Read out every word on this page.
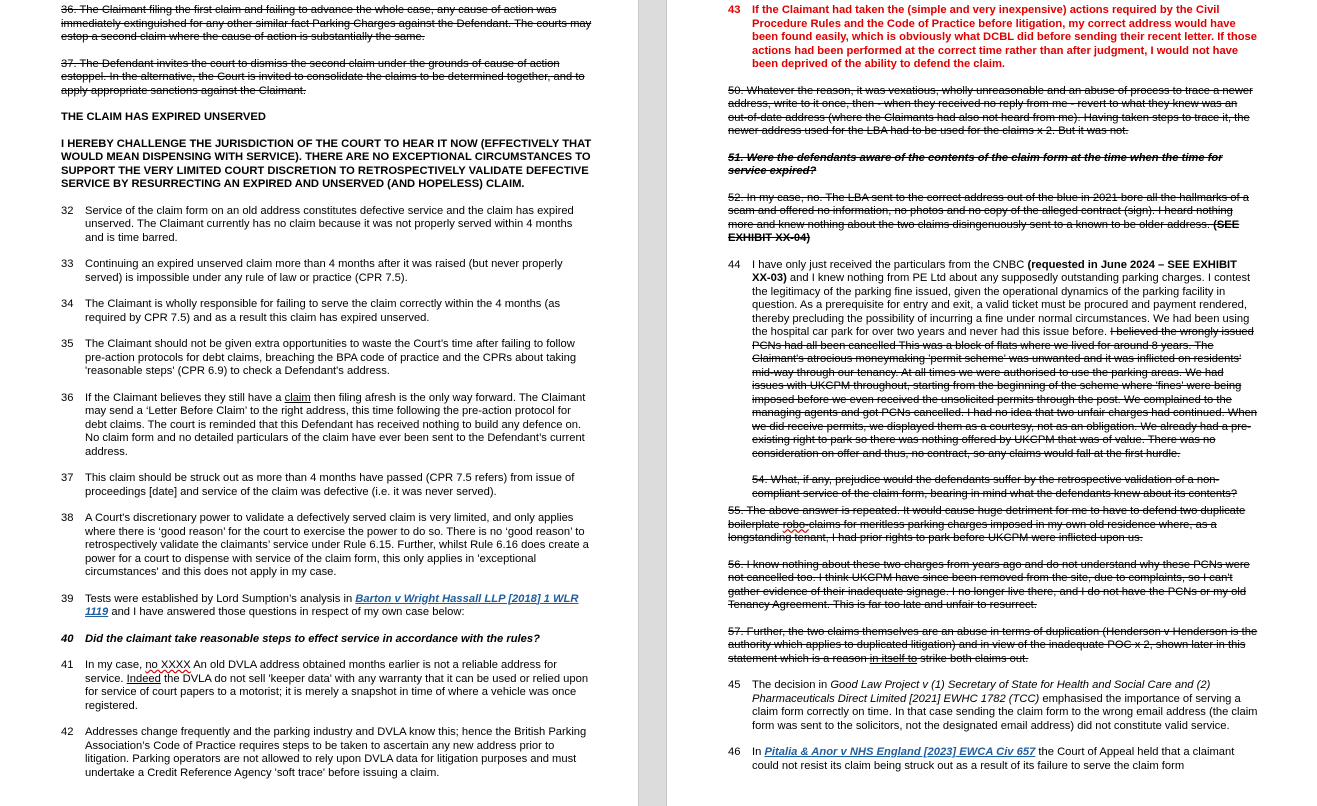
36. The Claimant filing the first claim and failing to advance the whole case, any cause of action was immediately extinguished for any other similar fact Parking Charges against the Defendant. The courts may estop a second claim where the cause of action is substantially the same.

37. The Defendant invites the court to dismiss the second claim under the grounds of cause of action estoppel. In the alternative, the Court is invited to consolidate the claims to be determined together, and to apply appropriate sanctions against the Claimant.

THE CLAIM HAS EXPIRED UNSERVED

I HEREBY CHALLENGE THE JURISDICTION OF THE COURT TO HEAR IT NOW (EFFECTIVELY THAT WOULD MEAN DISPENSING WITH SERVICE). THERE ARE NO EXCEPTIONAL CIRCUMSTANCES TO SUPPORT THE VERY LIMITED COURT DISCRETION TO RETROSPECTIVELY VALIDATE DEFECTIVE SERVICE BY RESURRECTING AN EXPIRED AND UNSERVED (AND HOPELESS) CLAIM.

32	Service of the claim form on an old address constitutes defective service and the claim has expired unserved. The Claimant currently has no claim because it was not properly served within 4 months and is time barred.
33	Continuing an expired unserved claim more than 4 months after it was raised (but never properly served) is impossible under any rule of law or practice (CPR 7.5).
34	The Claimant is wholly responsible for failing to serve the claim correctly within the 4 months (as required by CPR 7.5) and as a result this claim has expired unserved.
35	The Claimant should not be given extra opportunities to waste the Court’s time after failing to follow pre-action protocols for debt claims, breaching the BPA code of practice and the CPRs about taking 'reasonable steps' (CPR 6.9) to check a Defendant's address.
36	If the Claimant believes they still have a claim then filing afresh is the only way forward. The Claimant may send a ‘Letter Before Claim’ to the right address, this time following the pre-action protocol for debt claims. The court is reminded that this Defendant has received nothing to build any defence on. No claim form and no detailed particulars of the claim have ever been sent to the Defendant’s current address.
37	This claim should be struck out as more than 4 months have passed (CPR 7.5 refers) from issue of proceedings [date] and service of the claim was defective (i.e. it was never served).
38	A Court's discretionary power to validate a defectively served claim is very limited, and only applies where there is ‘good reason’ for the court to exercise the power to do so. There is no ‘good reason’ to retrospectively validate the claimants’ service under Rule 6.15. Further, whilst Rule 6.16 does create a power for a court to dispense with service of the claim form, this only applies in 'exceptional circumstances' and this does not apply in my case.
39	Tests were established by Lord Sumption’s analysis in Barton v Wright Hassall LLP [2018] 1 WLR 1119 and I have answered those questions in respect of my own case below:
40	Did the claimant take reasonable steps to effect service in accordance with the rules?
41	In my case, no XXXX An old DVLA address obtained months earlier is not a reliable address for service. Indeed the DVLA do not sell 'keeper data' with any warranty that it can be used or relied upon for service of court papers to a motorist; it is merely a snapshot in time of where a vehicle was once registered.
42	Addresses change frequently and the parking industry and DVLA know this; hence the British Parking Association’s Code of Practice requires steps to be taken to ascertain any new address prior to litigation. Parking operators are not allowed to rely upon DVLA data for litigation purposes and must undertake a Credit Reference Agency 'soft trace' before issuing a claim.
43	If the Claimant had taken the (simple and very inexpensive) actions required by the Civil Procedure Rules and the Code of Practice before litigation, my correct address would have been found easily, which is obviously what DCBL did before sending their recent letter. If those actions had been performed at the correct time rather than after judgment, I would not have been deprived of the ability to defend the claim.

50. Whatever the reason, it was vexatious, wholly unreasonable and an abuse of process to trace a newer address, write to it once, then - when they received no reply from me - revert to what they knew was an out-of-date address (where the Claimants had also not heard from me). Having taken steps to trace it, the newer address used for the LBA had to be used for the claims x 2. But it was not.

51. Were the defendants aware of the contents of the claim form at the time when the time for service expired?

52. In my case, no. The LBA sent to the correct address out of the blue in 2021 bore all the hallmarks of a scam and offered no information, no photos and no copy of the alleged contract (sign). I heard nothing more and knew nothing about the two claims disingenuously sent to a known to be older address. (SEE EXHIBIT XX-04)

44	I have only just received the particulars from the CNBC (requested in June 2024 – SEE EXHIBIT XX-03) and I knew nothing from PE Ltd about any supposedly outstanding parking charges. I contest the legitimacy of the parking fine issued, given the operational dynamics of the parking facility in question. As a prerequisite for entry and exit, a valid ticket must be procured and payment rendered, thereby precluding the possibility of incurring a fine under normal circumstances. We had been using the hospital car park for over two years and never had this issue before. I believed the wrongly issued PCNs had all been cancelled This was a block of flats where we lived for around 8 years. The Claimant's atrocious moneymaking 'permit scheme' was unwanted and it was inflicted on residents' mid-way through our tenancy. At all times we were authorised to use the parking areas. We had issues with UKCPM throughout, starting from the beginning of the scheme where 'fines' were being imposed before we even received the unsolicited permits through the post. We complained to the managing agents and got PCNs cancelled. I had no idea that two unfair charges had continued. When we did receive permits, we displayed them as a courtesy, not as an obligation. We already had a pre-existing right to park so there was nothing offered by UKCPM that was of value. There was no consideration on offer and thus, no contract, so any claims would fall at the first hurdle.

54. What, if any, prejudice would the defendants suffer by the retrospective validation of a non-compliant service of the claim form, bearing in mind what the defendants knew about its contents?

55. The above answer is repeated. It would cause huge detriment for me to have to defend two duplicate boilerplate robo-claims for meritless parking charges imposed in my own old residence where, as a longstanding tenant, I had prior rights to park before UKCPM were inflicted upon us.

56. I know nothing about these two charges from years ago and do not understand why these PCNs were not cancelled too. I think UKCPM have since been removed from the site, due to complaints, so I can't gather evidence of their inadequate signage. I no longer live there, and I do not have the PCNs or my old Tenancy Agreement. This is far too late and unfair to resurrect.

57. Further, the two claims themselves are an abuse in terms of duplication (Henderson v Henderson is the authority which applies to duplicated litigation) and in view of the inadequate POC x 2, shown later in this statement which is a reason in itself to strike both claims out.

45	The decision in Good Law Project v (1) Secretary of State for Health and Social Care and (2) Pharmaceuticals Direct Limited [2021] EWHC 1782 (TCC) emphasised the importance of serving a claim form correctly on time. In that case sending the claim form to the wrong email address (the claim form was sent to the solicitors, not the designated email address) did not constitute valid service.
46	In Pitalia & Anor v NHS England [2023] EWCA Civ 657 the Court of Appeal held that a claimant could not resist its claim being struck out as a result of its failure to serve the claim form
